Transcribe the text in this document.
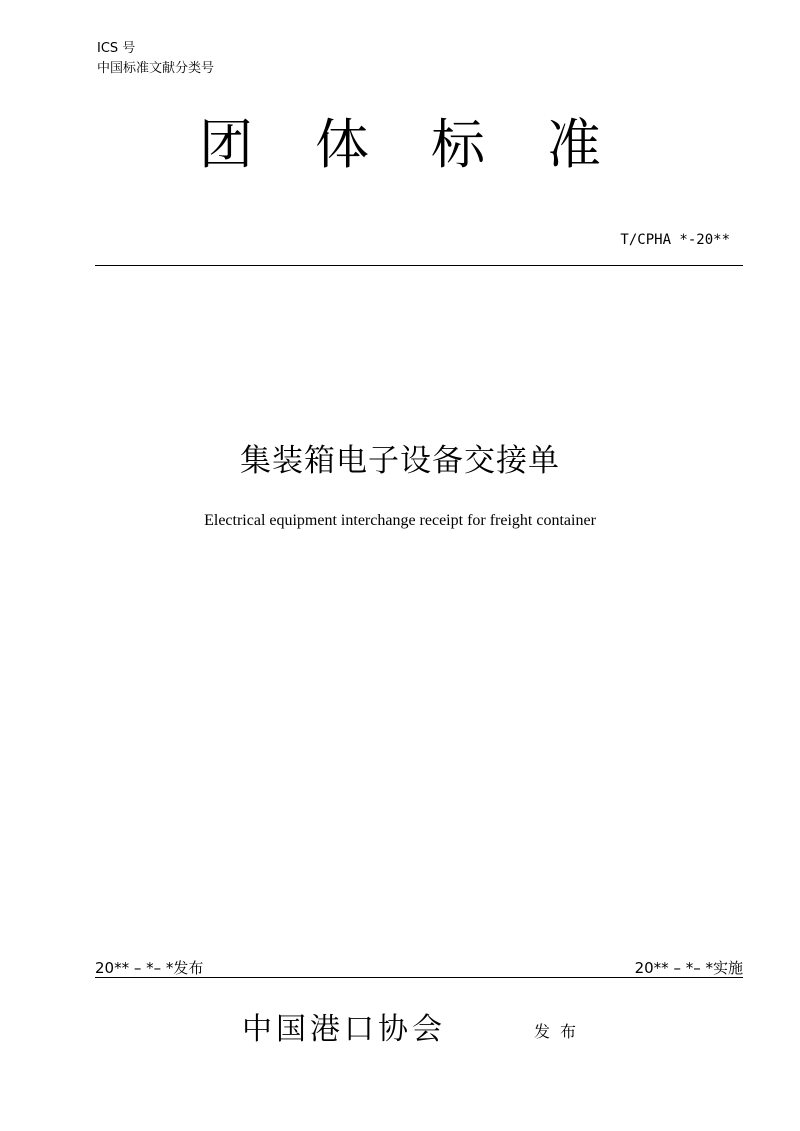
ICS 号
中国标准文献分类号
团体标准
T/CPHA *-20**
集装箱电子设备交接单
Electrical equipment interchange receipt for freight container
20** – *– *发布	20** – *– *实施
中国港口协会	发布
